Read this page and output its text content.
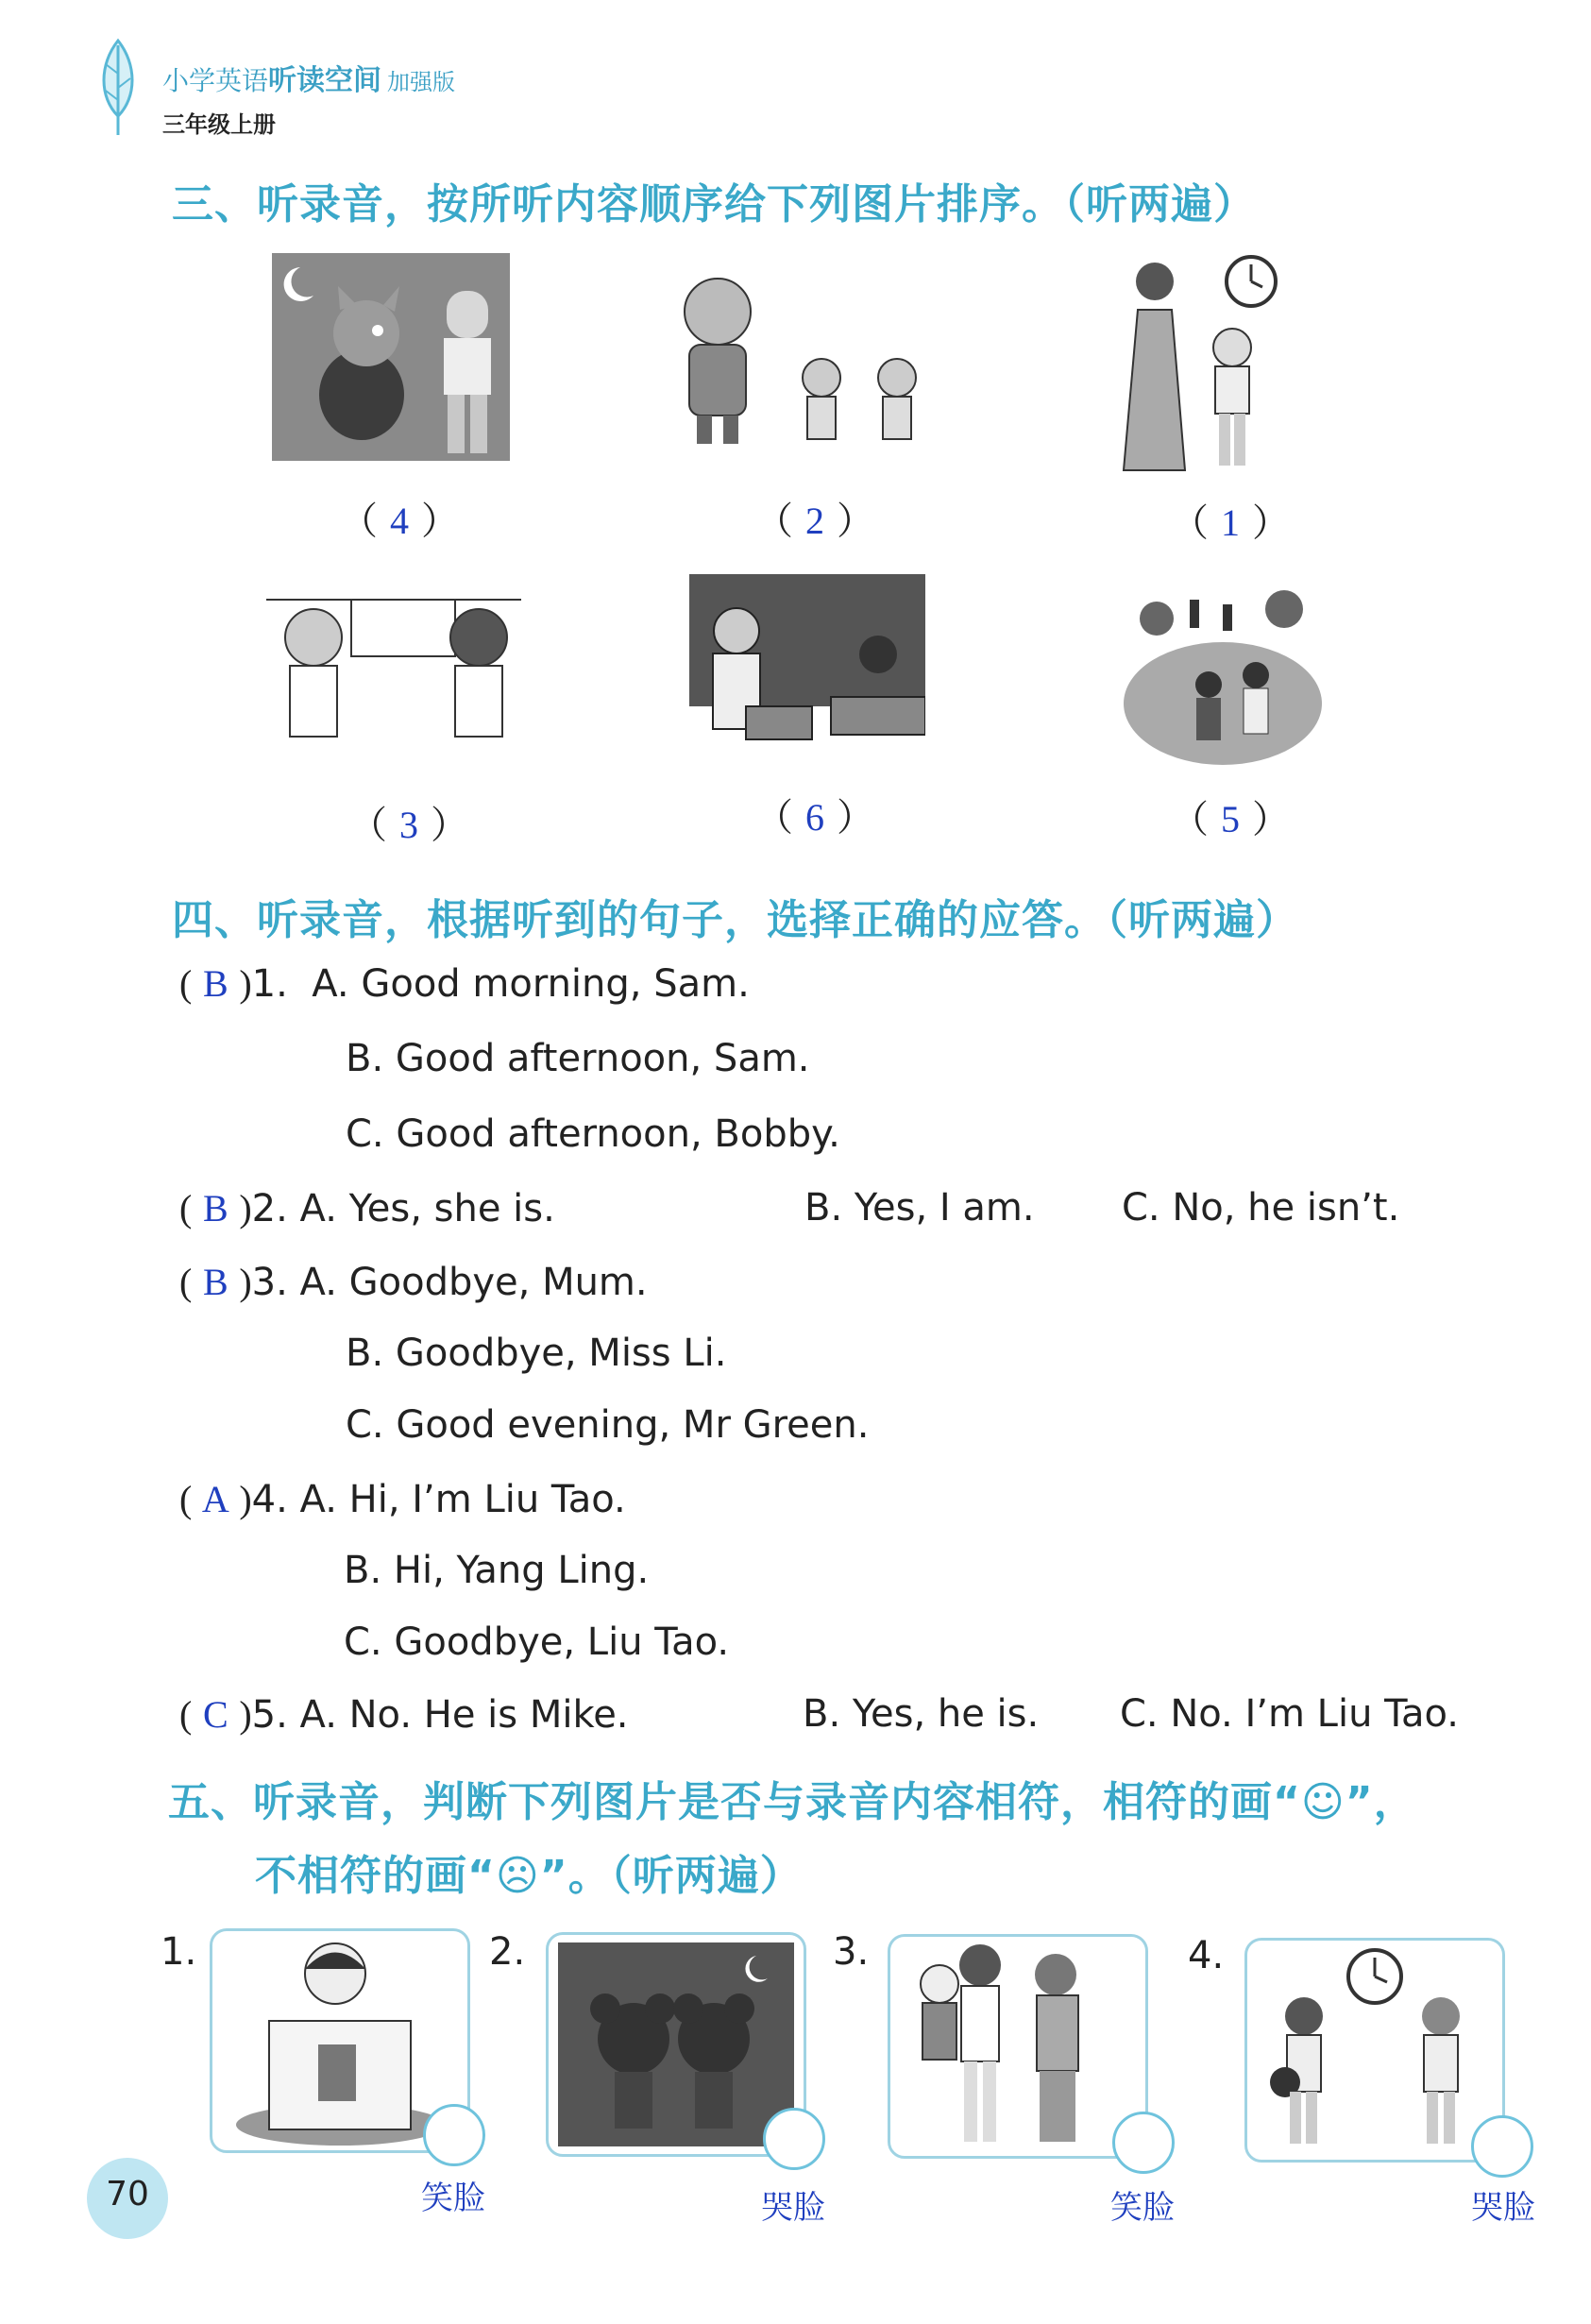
小学英语听读空间 加强版
三年级上册
三、听录音，按所听内容顺序给下列图片排序。（听两遍）
（ 4 ）	（ 2 ）	（ 1 ）
（ 3 ）	（ 6 ）	（ 5 ）
四、听录音，根据听到的句子，选择正确的应答。（听两遍）
( B )1. A. Good morning, Sam.
B. Good afternoon, Sam.
C. Good afternoon, Bobby.
( B )2. A. Yes, she is.	B. Yes, I am. C. No, he isn’t.
( B )3. A. Goodbye, Mum.
B. Goodbye, Miss Li.
C. Good evening, Mr Green.
( A )4. A. Hi, I’m Liu Tao.
B. Hi, Yang Ling.
C. Goodbye, Liu Tao.
( C )5. A. No. He is Mike.	B. Yes, he is. C. No. I’m Liu Tao.
五、听录音，判断下列图片是否与录音内容相符，相符的画“☺”，
不相符的画“☹”。（听两遍）
1.
笑脸
2.
哭脸
3.
笑脸
4.
哭脸
70
